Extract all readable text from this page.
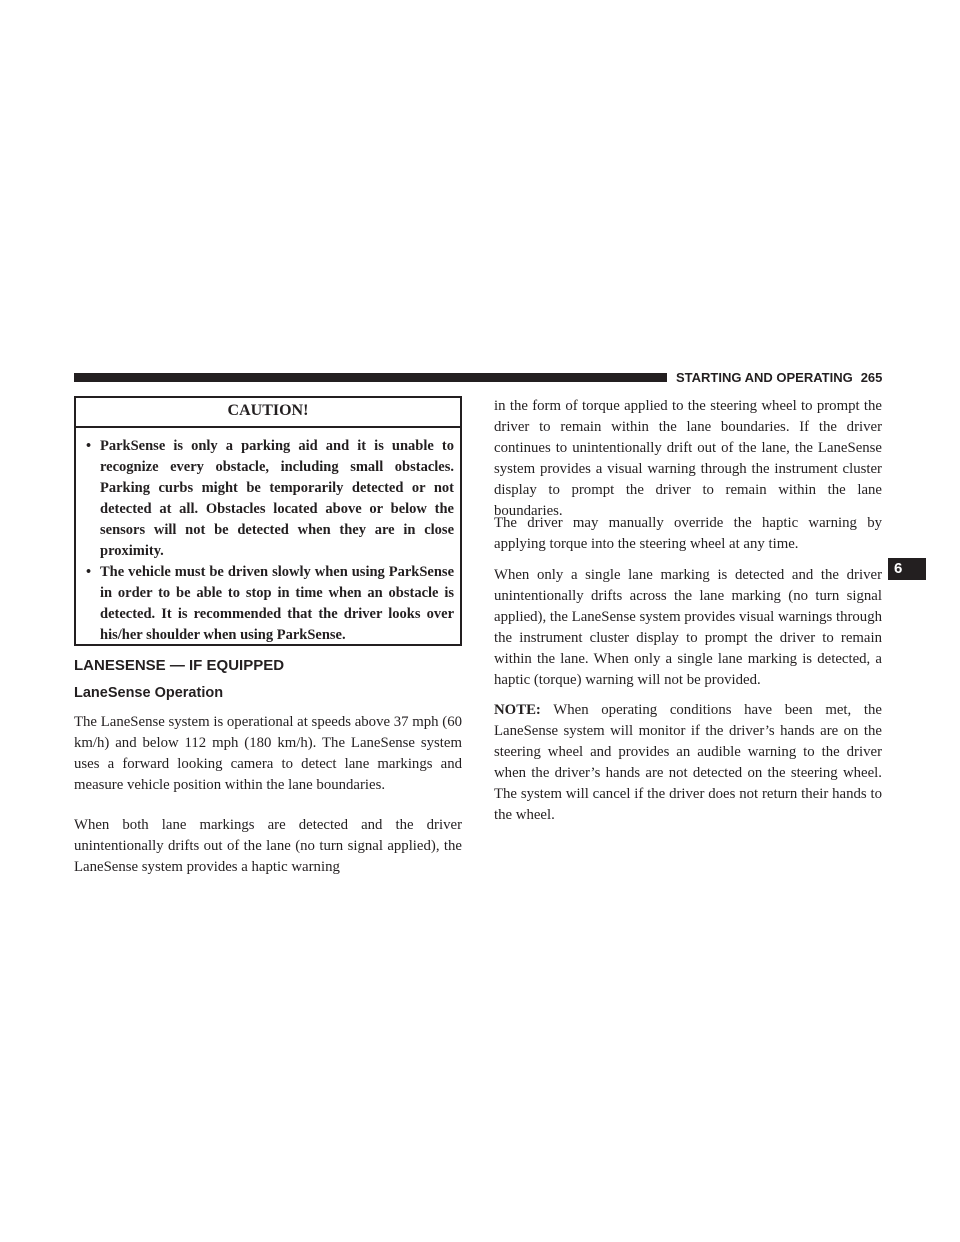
STARTING AND OPERATING 265
6
CAUTION!
• ParkSense is only a parking aid and it is unable to recognize every obstacle, including small obstacles. Parking curbs might be temporarily detected or not detected at all. Obstacles located above or below the sensors will not be detected when they are in close proximity.
• The vehicle must be driven slowly when using ParkSense in order to be able to stop in time when an obstacle is detected. It is recommended that the driver looks over his/her shoulder when using ParkSense.
LANESENSE — IF EQUIPPED
LaneSense Operation

The LaneSense system is operational at speeds above 37 mph (60 km/h) and below 112 mph (180 km/h). The LaneSense system uses a forward looking camera to detect lane markings and measure vehicle position within the lane boundaries.

When both lane markings are detected and the driver unintentionally drifts out of the lane (no turn signal applied), the LaneSense system provides a haptic warning

in the form of torque applied to the steering wheel to prompt the driver to remain within the lane boundaries. If the driver continues to unintentionally drift out of the lane, the LaneSense system provides a visual warning through the instrument cluster display to prompt the driver to remain within the lane boundaries.

The driver may manually override the haptic warning by applying torque into the steering wheel at any time.

When only a single lane marking is detected and the driver unintentionally drifts across the lane marking (no turn signal applied), the LaneSense system provides visual warnings through the instrument cluster display to prompt the driver to remain within the lane. When only a single lane marking is detected, a haptic (torque) warning will not be provided.

NOTE: When operating conditions have been met, the LaneSense system will monitor if the driver’s hands are on the steering wheel and provides an audible warning to the driver when the driver’s hands are not detected on the steering wheel. The system will cancel if the driver does not return their hands to the wheel.
